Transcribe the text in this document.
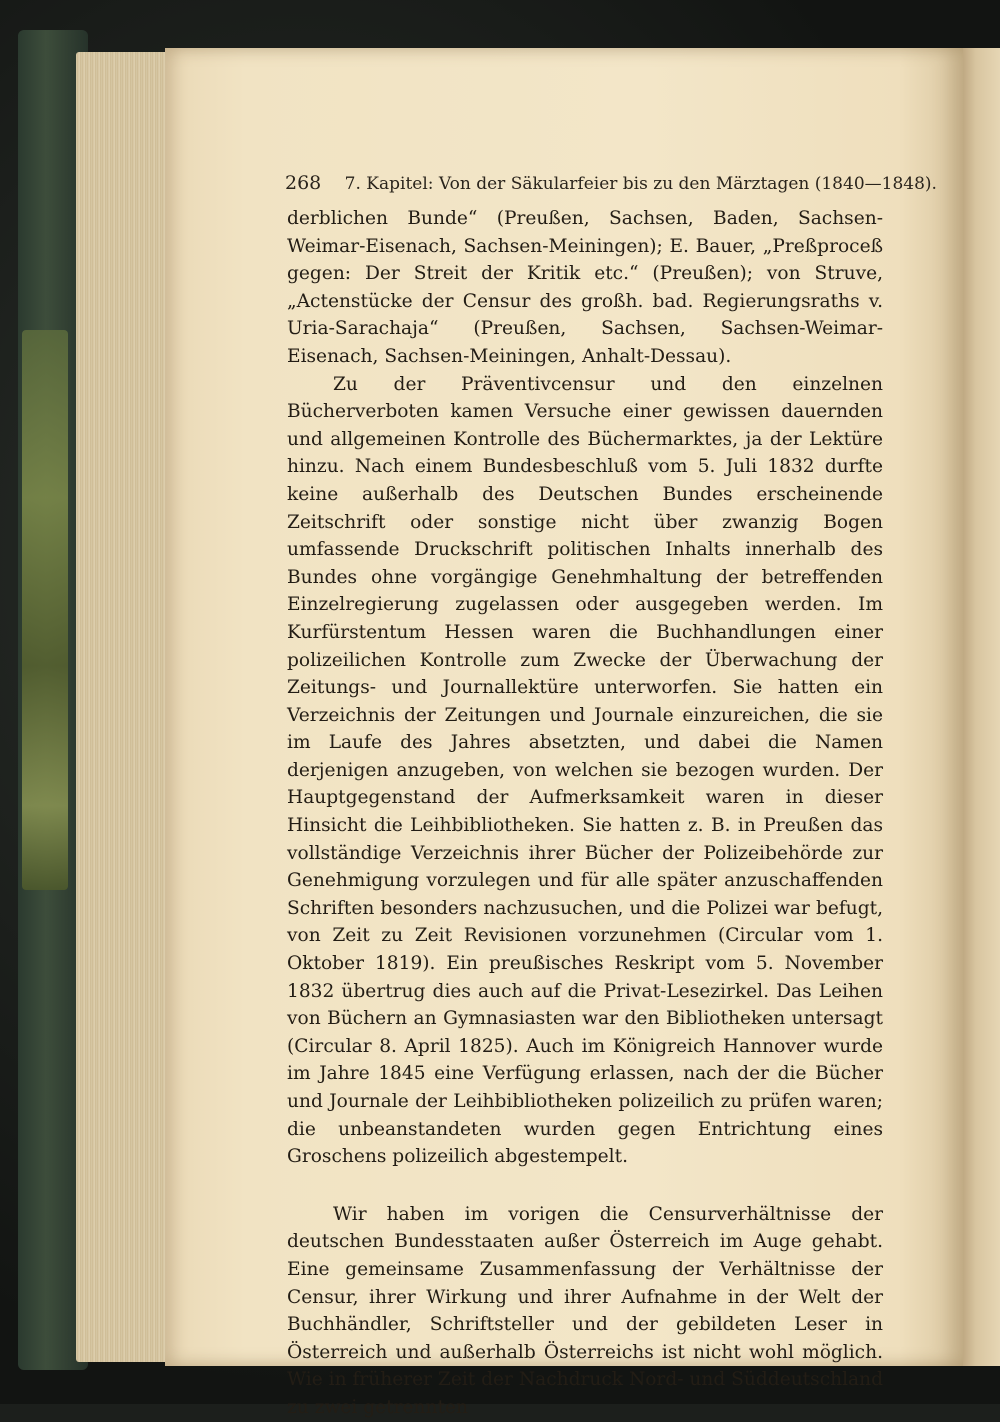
268 7. Kapitel: Von der Säkularfeier bis zu den Märztagen (1840—1848).

derblichen Bunde“ (Preußen, Sachsen, Baden, Sachsen-Weimar-Eisenach, Sachsen-Meiningen); E. Bauer, „Preßproceß gegen: Der Streit der Kritik etc.“ (Preußen); von Struve, „Actenstücke der Censur des großh. bad. Regierungsraths v. Uria-Sarachaja“ (Preußen, Sachsen, Sachsen-Weimar-Eisenach, Sachsen-Meiningen, Anhalt-Dessau).

Zu der Präventivcensur und den einzelnen Bücherverboten kamen Versuche einer gewissen dauernden und allgemeinen Kontrolle des Büchermarktes, ja der Lektüre hinzu. Nach einem Bundesbeschluß vom 5. Juli 1832 durfte keine außerhalb des Deutschen Bundes erscheinende Zeitschrift oder sonstige nicht über zwanzig Bogen umfassende Druckschrift politischen Inhalts innerhalb des Bundes ohne vorgängige Genehmhaltung der betreffenden Einzelregierung zugelassen oder ausgegeben werden. Im Kurfürstentum Hessen waren die Buchhandlungen einer polizeilichen Kontrolle zum Zwecke der Überwachung der Zeitungs- und Journallektüre unterworfen. Sie hatten ein Verzeichnis der Zeitungen und Journale einzureichen, die sie im Laufe des Jahres absetzten, und dabei die Namen derjenigen anzugeben, von welchen sie bezogen wurden. Der Hauptgegenstand der Aufmerksamkeit waren in dieser Hinsicht die Leihbibliotheken. Sie hatten z. B. in Preußen das vollständige Verzeichnis ihrer Bücher der Polizeibehörde zur Genehmigung vorzulegen und für alle später anzuschaffenden Schriften besonders nachzusuchen, und die Polizei war befugt, von Zeit zu Zeit Revisionen vorzunehmen (Circular vom 1. Oktober 1819). Ein preußisches Reskript vom 5. November 1832 übertrug dies auch auf die Privat-Lesezirkel. Das Leihen von Büchern an Gymnasiasten war den Bibliotheken untersagt (Circular 8. April 1825). Auch im Königreich Hannover wurde im Jahre 1845 eine Verfügung erlassen, nach der die Bücher und Journale der Leihbibliotheken polizeilich zu prüfen waren; die unbeanstandeten wurden gegen Entrichtung eines Groschens polizeilich abgestempelt.

Wir haben im vorigen die Censurverhältnisse der deutschen Bundesstaaten außer Österreich im Auge gehabt. Eine gemeinsame Zusammenfassung der Verhältnisse der Censur, ihrer Wirkung und ihrer Aufnahme in der Welt der Buchhändler, Schriftsteller und der gebildeten Leser in Österreich und außerhalb Österreichs ist nicht wohl möglich. Wie in früherer Zeit der Nachdruck Nord- und Süddeutschland zu zwei getrennten
